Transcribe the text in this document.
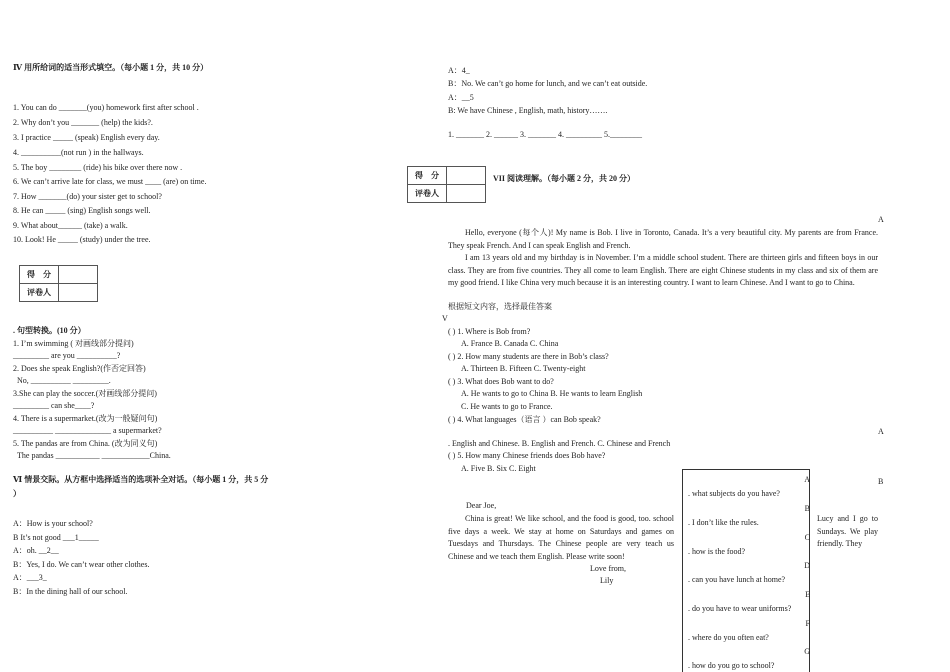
Ⅳ 用所给词的适当形式填空。（每小题 1 分，共 10 分）
1. You can do _______(you) homework first after school .
2. Why don’t you _______ (help) the kids?.
3. I practice _____ (speak) English every day.
4. __________(not run ) in the hallways.
5. The boy ________ (ride) his bike over there now .
6. We can’t arrive late for class, we must ____ (are) on time.
7. How _______(do) your sister get to school?
8. He can _____ (sing) English songs well.
9. What about______ (take) a walk.
10. Look! He _____ (study) under the tree.
得　分	
评卷人	
. 句型转换。(10 分）
1. I’m swimming ( 对画线部分提问)
_________ are you __________?
2. Does she speak English?(作否定回答)
No, __________ _________.
3.She can play the soccer.(对画线部分提问)
_________ can she____?
4. There is a supermarket.(改为一般疑问句)
__________ ______________ a supermarket?
5. The pandas are from China. (改为同义句)
The pandas ___________ ____________China.
Ⅵ 情景交际。从方框中选择适当的选项补全对话。（每小题 1 分，共 5 分
）
A：How is your school?
B It’s not good ___1_____
A：oh. __2__
B：Yes, I do. We can’t wear other clothes.
A：___3_
B：In the dining hall of our school.
A：4_
B：No. We can’t go home for lunch, and we can’t eat outside.
A：__5
B: We have Chinese , English, math, history…….
1. _______ 2. ______ 3. _______ 4. _________ 5.________
得　分	
评卷人	
VII 阅读理解。（每小题 2 分，共 20 分）
A

Hello, everyone (每个人)! My name is Bob. I live in Toronto, Canada. It’s a very beautiful city. My parents are from France. They speak French. And I can speak English and French.

I am 13 years old and my birthday is in November. I’m a middle school student. There are thirteen girls and fifteen boys in our class. They are from five countries. They all come to learn English. There are eight Chinese students in my class and six of them are my good friend. I like China very much because it is an interesting country. I want to learn Chinese. And I want to go to China.

根据短文内容，选择最佳答案
V
( ) 1. Where is Bob from?
A. France B. Canada C. China
( ) 2. How many students are there in Bob’s class?
A. Thirteen B. Fifteen C. Twenty-eight
( ) 3. What does Bob want to do?
A. He wants to go to China B. He wants to learn English
C. He wants to go to France.
( ) 4. What languages（语言 ）can Bob speak?
. English and Chinese. B. English and French. C. Chinese and French
( ) 5. How many Chinese friends does Bob have?
A. Five B. Six C. Eight
A
B
Dear Joe,

China is great! We like school, and the food is good, too. school five days a week. We stay at home on Saturdays and games on Tuesdays and Thursdays. The Chinese people are very teach us Chinese and we teach them English. Please write soon!

Love from,
Lily
Lucy and I go to Sundays. We play friendly. They
A
. what subjects do you have?
B
. I don’t like the rules.
C
. how is the food?
D
. can you have lunch at home?
E
. do you have to wear uniforms?
F
. where do you often eat?
G
. how do you go to school?
